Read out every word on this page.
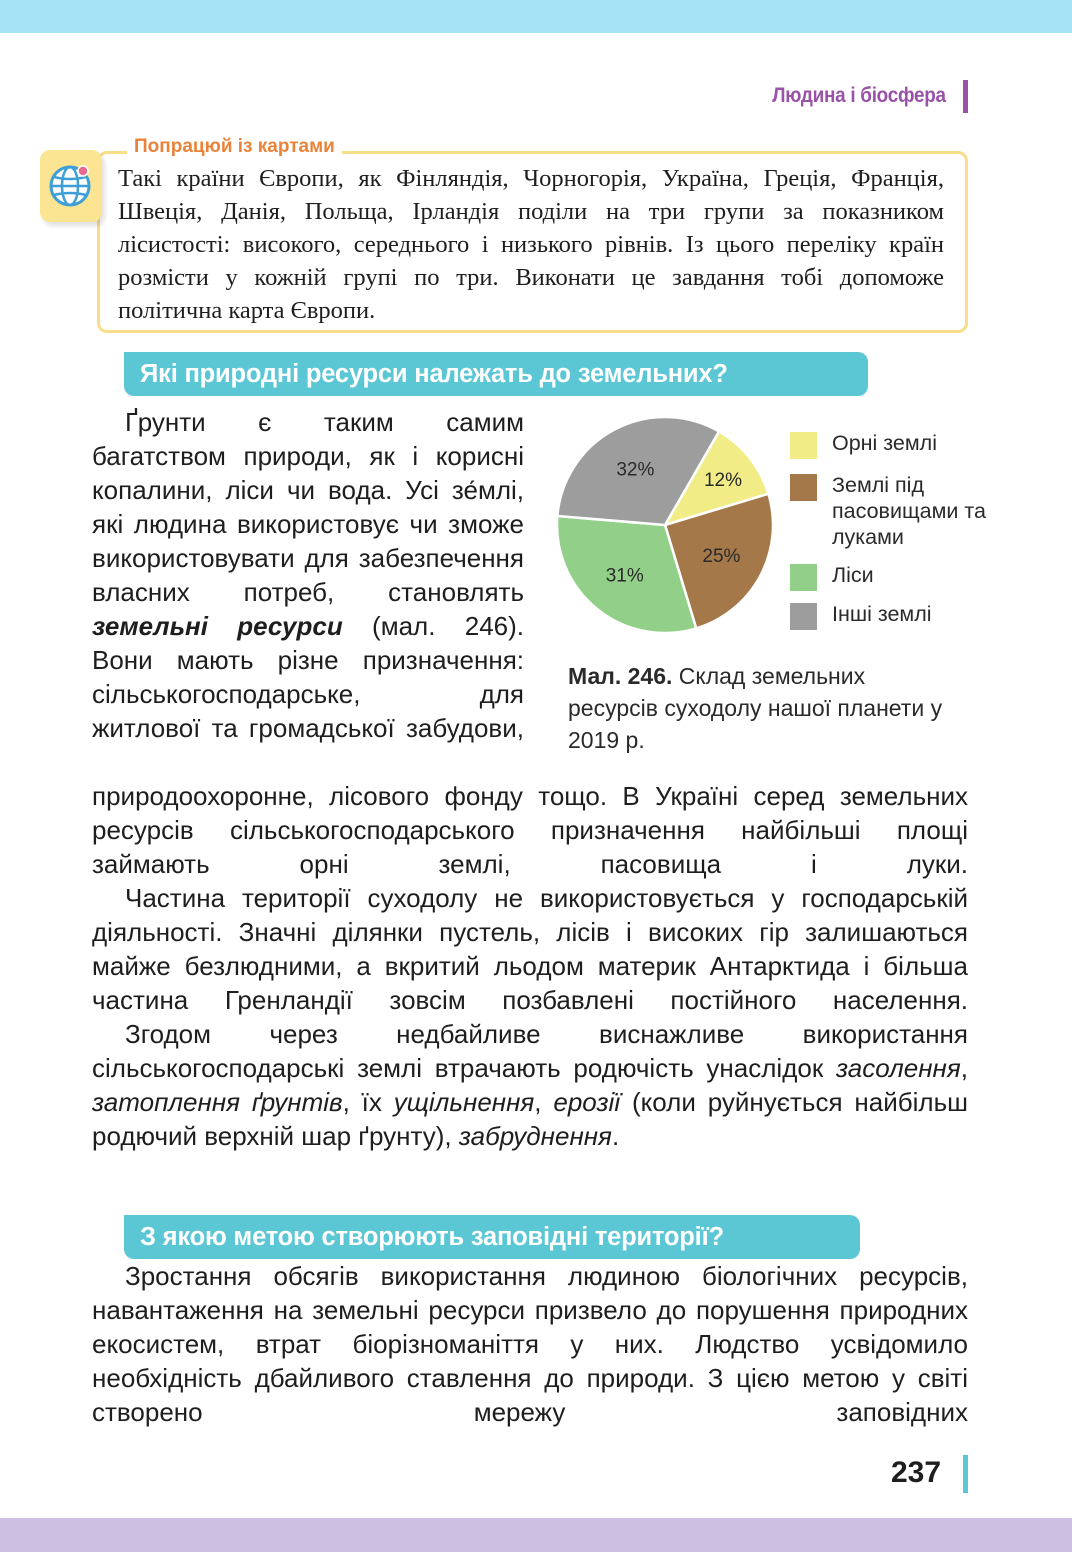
Людина і біосфера
Попрацюй із картами
Такі країни Європи, як Фінляндія, Чорногорія, Україна, Греція, Франція, Швеція, Данія, Польща, Ірландія поділи на три групи за показником лісистості: високого, середнього і низького рівнів. Із цього переліку країн розмісти у кожній групі по три. Виконати це завдання тобі допоможе політична карта Європи.
Які природні ресурси належать до земельних?

Ґрунти є таким самим багатством природи, як і корисні копалини, ліси чи вода. Усі зе́млі, які людина використовує чи зможе використовувати для забезпечення власних потреб, становлять земельні ресурси (мал. 246). Вони мають різне призначення: сільськогосподарське, для житлової та громадської забудови,

12%
25%
31%
32%
Орні землі
Землі під пасовищами та луками
Ліси
Інші землі
Мал. 246. Склад земельних ресурсів суходолу нашої планети у 2019 р.

природоохоронне, лісового фонду тощо. В Україні серед земельних ресурсів сільськогосподарського призначення найбільші площі займають орні землі, пасовища і луки.

Частина території суходолу не використовується у господарській діяльності. Значні ділянки пустель, лісів і високих гір залишаються майже безлюдними, а вкритий льодом материк Антарктида і більша частина Гренландії зовсім позбавлені постійного населення.

Згодом через недбайливе виснажливе використання сільськогосподарські землі втрачають родючість унаслідок засолення, затоплення ґрунтів, їх ущільнення, ерозії (коли руйнується найбільш родючий верхній шар ґрунту), забруднення.

З якою метою створюють заповідні території?

Зростання обсягів використання людиною біологічних ресурсів, навантаження на земельні ресурси призвело до порушення природних екосистем, втрат біорізноманіття у них. Людство усвідомило необхідність дбайливого ставлення до природи. З цією метою у світі створено мережу заповідних

237
